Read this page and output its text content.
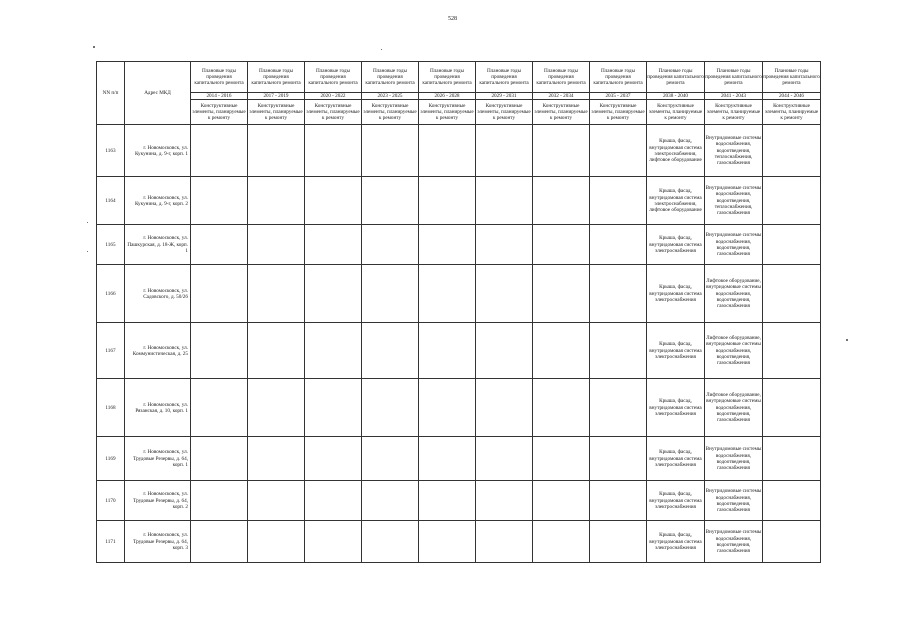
528
NN п/п	Адрес МКД	Плановые годы проведения капитального ремонта	Плановые годы проведения капитального ремонта	Плановые годы проведения капитального ремонта	Плановые годы проведения капитального ремонта	Плановые годы проведения капитального ремонта	Плановые годы проведения капитального ремонта	Плановые годы проведения капитального ремонта	Плановые годы проведения капитального ремонта	Плановые годы проведения капитального ремонта	Плановые годы проведения капитального ремонта	Плановые годы проведения капитального ремонта
		2014 - 2016	2017 - 2019	2020 - 2022	2023 - 2025	2026 - 2028	2029 - 2031	2032 - 2034	2035 - 2037	2038 - 2040	2041 - 2043	2044 - 2046
		Конструктивные элементы, планируемые к ремонту	Конструктивные элементы, планируемые к ремонту	Конструктивные элементы, планируемые к ремонту	Конструктивные элементы, планируемые к ремонту	Конструктивные элементы, планируемые к ремонту	Конструктивные элементы, планируемые к ремонту	Конструктивные элементы, планируемые к ремонту	Конструктивные элементы, планируемые к ремонту	Конструктивные элементы, планируемые к ремонту	Конструктивные элементы, планируемые к ремонту	Конструктивные элементы, планируемые к ремонту
1163	г. Новомосковск, ул. Кукунина, д. 9-г, корп. 1									Крыша, фасад, внутридомовая система электроснабжения, лифтовое оборудование	Внутридомовые системы водоснабжения, водоотведения, теплоснабжения, газоснабжения	
1164	г. Новомосковск, ул. Кукунина, д. 9-г, корп. 2									Крыша, фасад, внутридомовая система электроснабжения, лифтовое оборудование	Внутридомовые системы водоснабжения, водоотведения, теплоснабжения, газоснабжения	
1165	г. Новомосковск, ул. Пашкурская, д. 18-Ж, корп. 1									Крыша, фасад, внутридомовая система электроснабжения	Внутридомовые системы водоснабжения, водоотведения, газоснабжения	
1166	г. Новомосковск, ул. Садовского, д. 50/26									Крыша, фасад, внутридомовая система электроснабжения	Лифтовое оборудование, внутридомовые системы водоснабжения, водоотведения, газоснабжения	
1167	г. Новомосковск, ул. Коммунистическая, д. 25									Крыша, фасад, внутридомовая система электроснабжения	Лифтовое оборудование, внутридомовые системы водоснабжения, водоотведения, газоснабжения	
1168	г. Новомосковск, ул. Рязанская, д. 10, корп. 1									Крыша, фасад, внутридомовая система электроснабжения	Лифтовое оборудование, внутридомовые системы водоснабжения, водоотведения, газоснабжения	
1169	г. Новомосковск, ул. Трудовые Резервы, д. 64, корп. 1									Крыша, фасад, внутридомовая система электроснабжения	Внутридомовые системы водоснабжения, водоотведения, газоснабжения	
1170	г. Новомосковск, ул. Трудовые Резервы, д. 64, корп. 2									Крыша, фасад, внутридомовая система электроснабжения	Внутридомовые системы водоснабжения, водоотведения, газоснабжения	
1171	г. Новомосковск, ул. Трудовые Резервы, д. 64, корп. 3									Крыша, фасад, внутридомовая система электроснабжения	Внутридомовые системы водоснабжения, водоотведения, газоснабжения	
